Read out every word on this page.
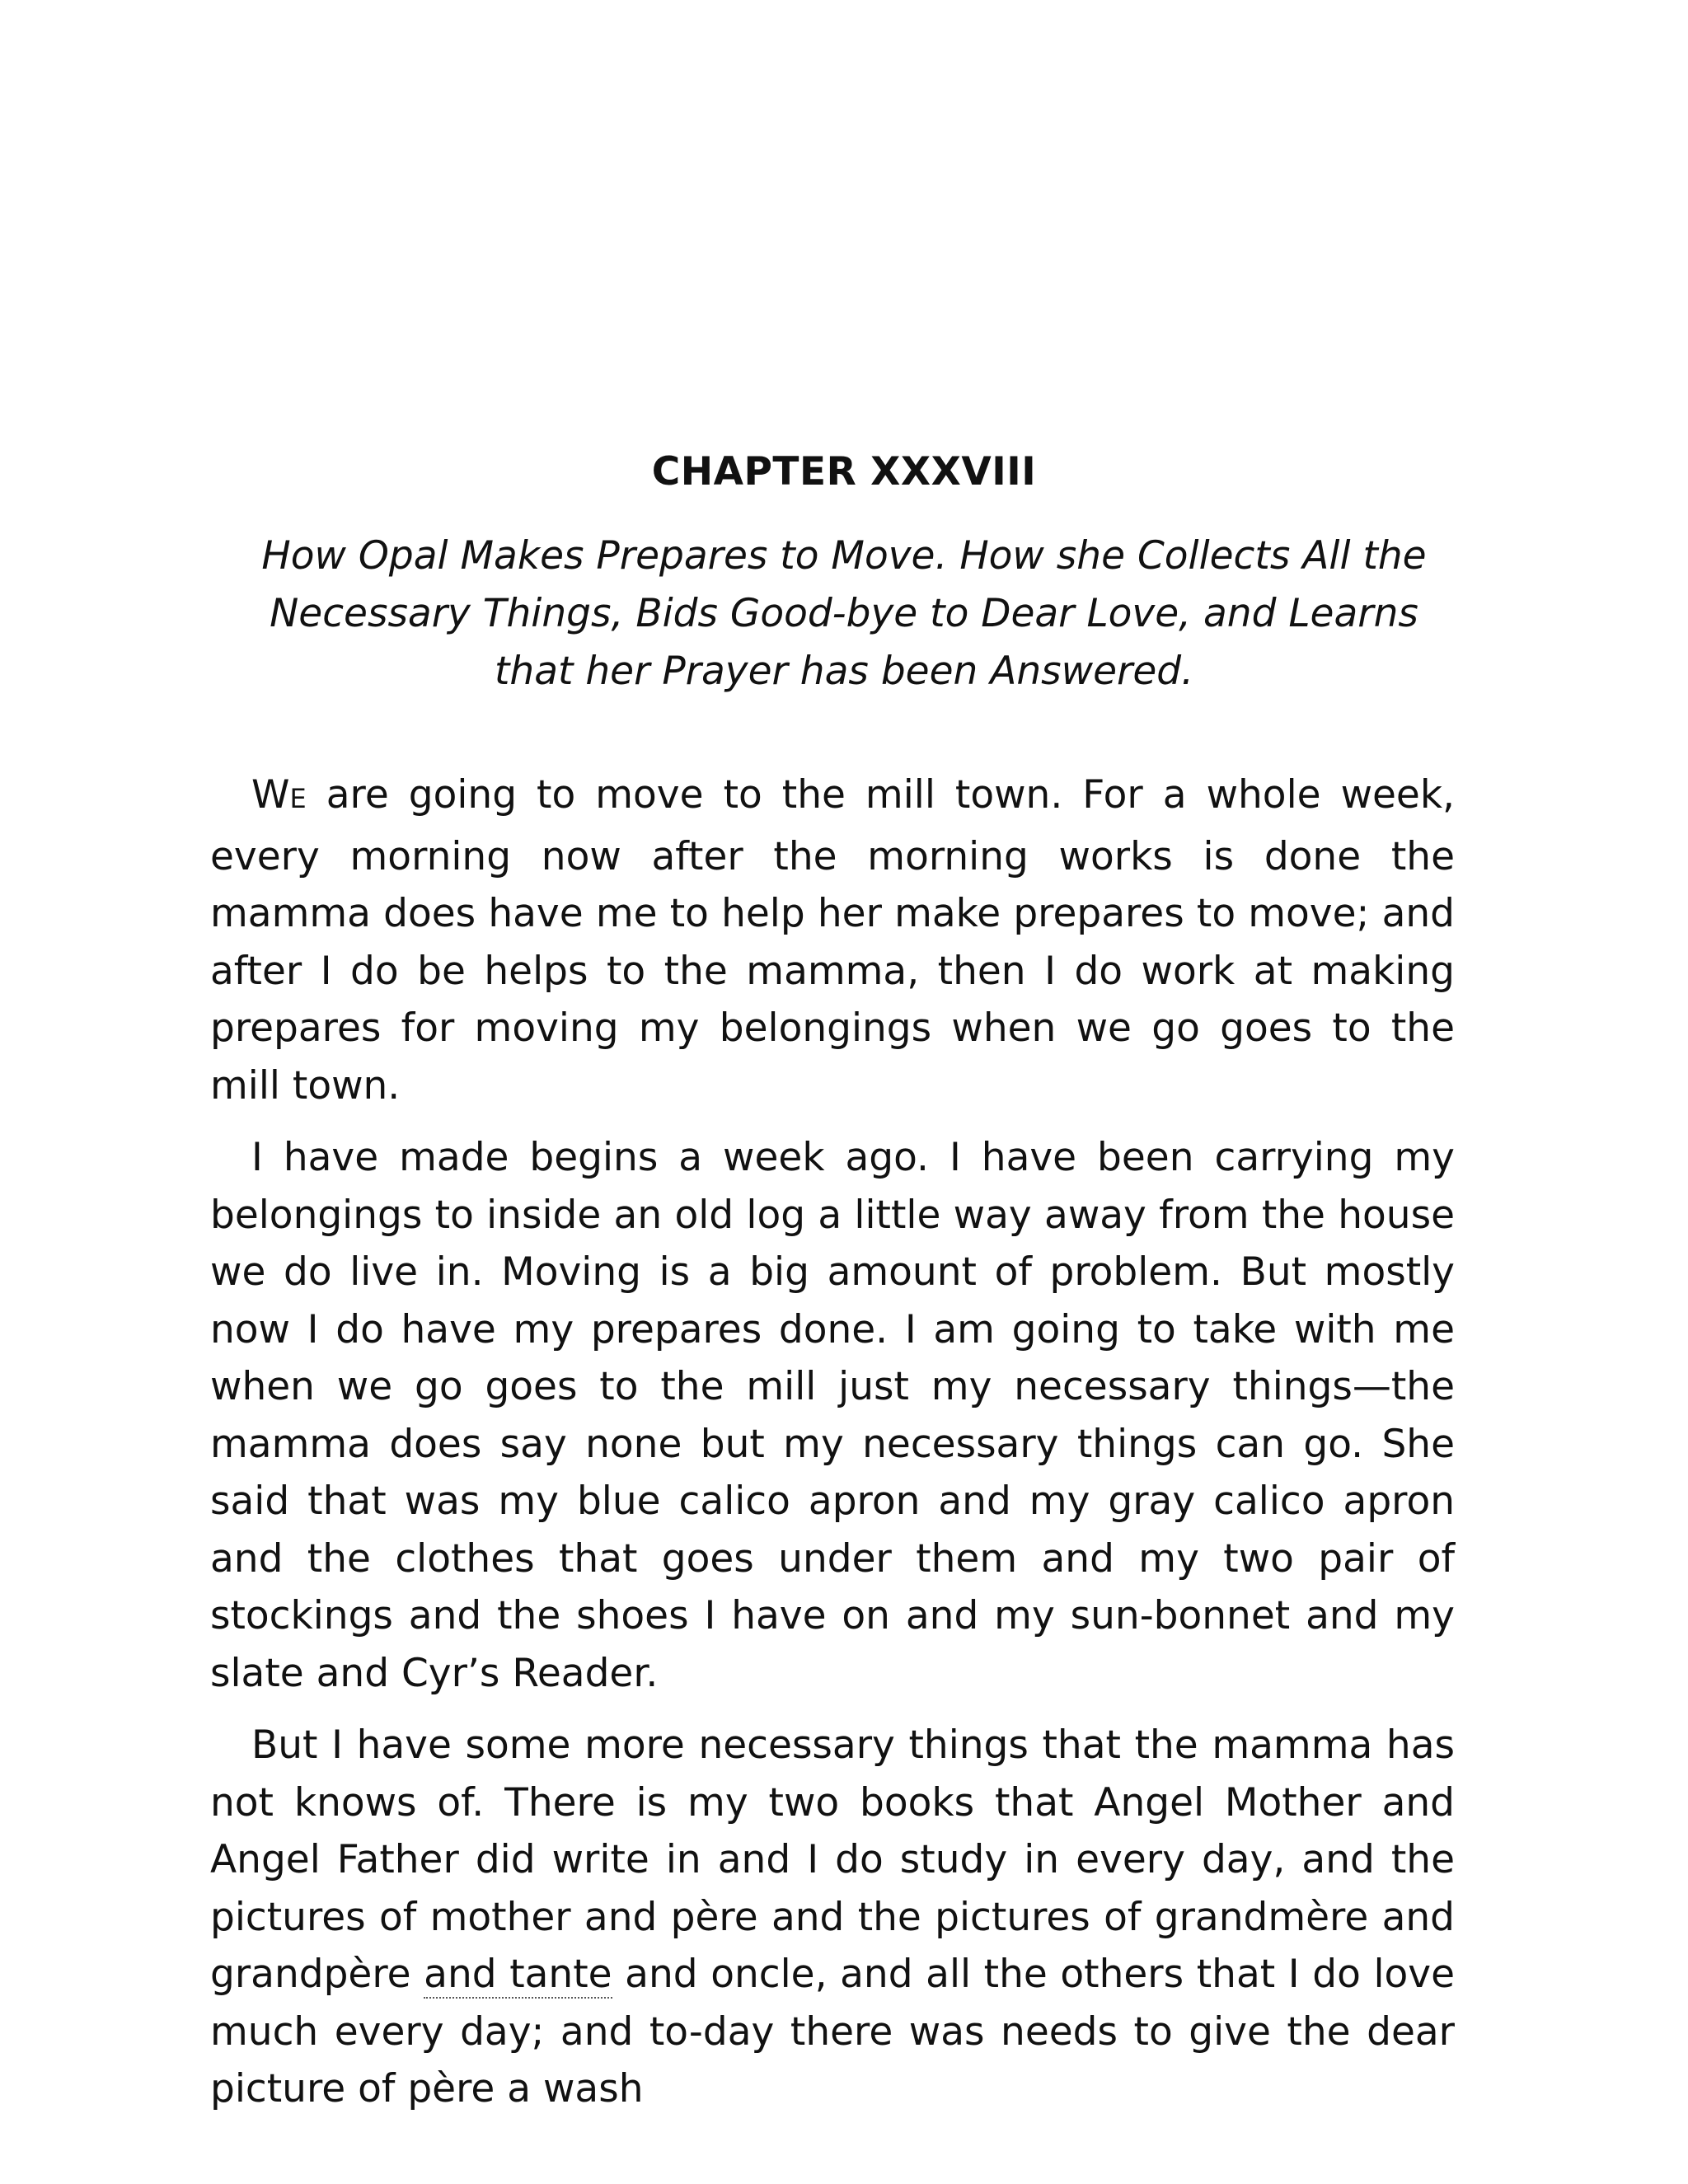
CHAPTER XXXVIII
How Opal Makes Prepares to Move. How she Collects All the Necessary Things, Bids Good-bye to Dear Love, and Learns that her Prayer has been Answered.

WE are going to move to the mill town. For a whole week, every morning now after the morning works is done the mamma does have me to help her make prepares to move; and after I do be helps to the mamma, then I do work at making prepares for moving my belongings when we go goes to the mill town.

I have made begins a week ago. I have been carrying my belongings to inside an old log a little way away from the house we do live in. Moving is a big amount of problem. But mostly now I do have my prepares done. I am going to take with me when we go goes to the mill just my necessary things—the mamma does say none but my necessary things can go. She said that was my blue calico apron and my gray calico apron and the clothes that goes under them and my two pair of stockings and the shoes I have on and my sun-bonnet and my slate and Cyr’s Reader.

But I have some more necessary things that the mamma has not knows of. There is my two books that Angel Mother and Angel Father did write in and I do study in every day, and the pictures of mother and père and the pictures of grandmère and grandpère and tante and oncle, and all the others that I do love much every day; and to-day there was needs to give the dear picture of père a wash
